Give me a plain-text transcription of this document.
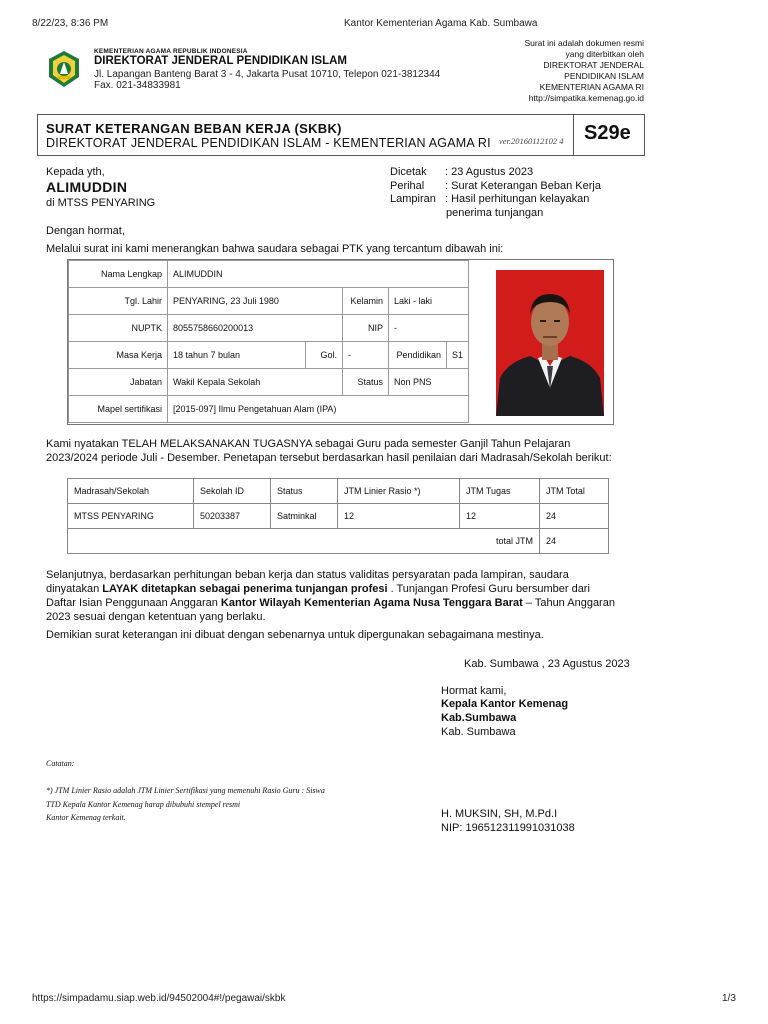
8/22/23, 8:36 PM	Kantor Kementerian Agama Kab. Sumbawa
KEMENTERIAN AGAMA REPUBLIK INDONESIA
DIREKTORAT JENDERAL PENDIDIKAN ISLAM
Jl. Lapangan Banteng Barat 3 - 4, Jakarta Pusat 10710, Telepon 021-3812344
Fax. 021-34833981
Surat ini adalah dokumen resmi
yang diterbitkan oleh
DIREKTORAT JENDERAL
PENDIDIKAN ISLAM
KEMENTERIAN AGAMA RI
http://simpatika.kemenag.go.id
SURAT KETERANGAN BEBAN KERJA (SKBK)
DIREKTORAT JENDERAL PENDIDIKAN ISLAM - KEMENTERIAN AGAMA RI ver.20160112102 4 S29e
Kepada yth,
ALIMUDDIN
di MTSS PENYARING
Dicetak : 23 Agustus 2023
Perihal : Surat Keterangan Beban Kerja
Lampiran : Hasil perhitungan kelayakan
penerima tunjangan
Dengan hormat,
Melalui surat ini kami menerangkan bahwa saudara sebagai PTK yang tercantum dibawah ini:
Nama Lengkap	ALIMUDDIN				
Tgl. Lahir	PENYARING, 23 Juli 1980		Kelamin	Laki - laki	
NUPTK	8055758660200013		NIP	-	
Masa Kerja	18 tahun 7 bulan	Gol.	-	Pendidikan	S1
Jabatan	Wakil Kepala Sekolah		Status	Non PNS	
Mapel sertifikasi	[2015-097] Ilmu Pengetahuan Alam (IPA)				
Kami nyatakan TELAH MELAKSANAKAN TUGASNYA sebagai Guru pada semester Ganjil Tahun Pelajaran
2023/2024 periode Juli - Desember. Penetapan tersebut berdasarkan hasil penilaian dari Madrasah/Sekolah berikut:
Madrasah/Sekolah	Sekolah ID	Status	JTM Linier Rasio *)	JTM Tugas	JTM Total
MTSS PENYARING	50203387	Satminkal	12	12	24
total JTM					24
Selanjutnya, berdasarkan perhitungan beban kerja dan status validitas persyaratan pada lampiran, saudara
dinyatakan LAYAK ditetapkan sebagai penerima tunjangan profesi . Tunjangan Profesi Guru bersumber dari
Daftar Isian Penggunaan Anggaran Kantor Wilayah Kementerian Agama Nusa Tenggara Barat – Tahun Anggaran
2023 sesuai dengan ketentuan yang berlaku.
Demikian surat keterangan ini dibuat dengan sebenarnya untuk dipergunakan sebagaimana mestinya.
Kab. Sumbawa , 23 Agustus 2023
Hormat kami,
Kepala Kantor Kemenag
Kab.Sumbawa
Kab. Sumbawa
H. MUKSIN, SH, M.Pd.I
NIP: 196512311991031038
Catatan:
*) JTM Linier Rasio adalah JTM Linier Sertifikasi yang memenuhi Rasio Guru : Siswa
TTD Kepala Kantor Kemenag harap dibubuhi stempel resmi
Kantor Kemenag terkait.
https://simpadamu.siap.web.id/94502004#!/pegawai/skbk	1/3
